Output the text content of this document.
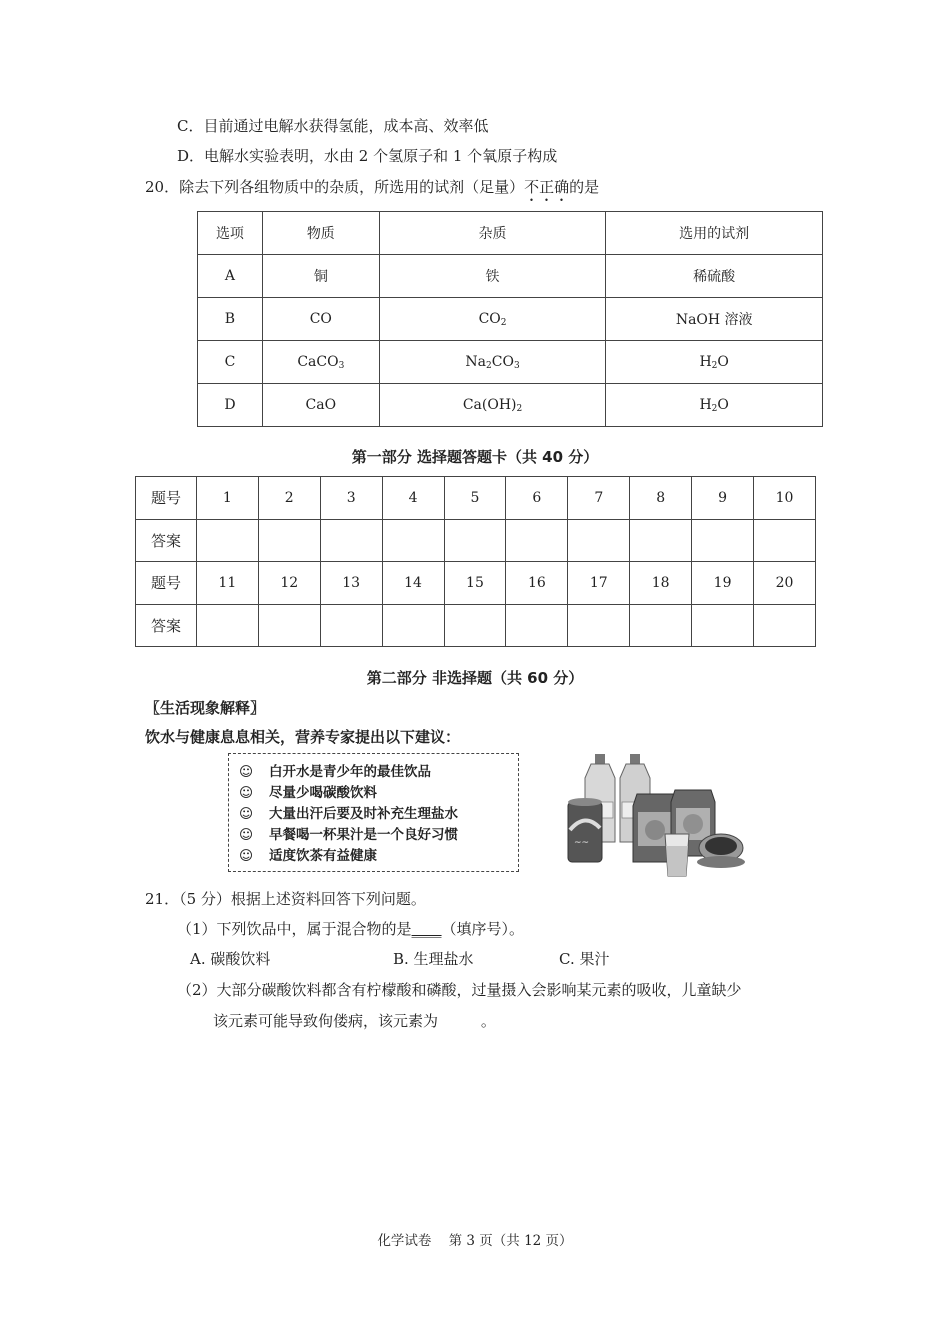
C．目前通过电解水获得氢能，成本高、效率低
D．电解水实验表明，水由 2 个氢原子和 1 个氧原子构成
20．除去下列各组物质中的杂质，所选用的试剂（足量）不正确的是
选项	物质	杂质	选用的试剂
A	铜	铁	稀硫酸
B	CO	$CO_2$	NaOH 溶液
C	CaCO$_3$	$Na_2CO_3$	$H_2O$
D	CaO	$Ca(OH)_2$	$H_2O$
第一部分 选择题答题卡（共 40 分）
题号	1	2	3	4	5	6	7	8	9	10
答案										
题号	11	12	13	14	15	16	17	18	19	20
答案										
第二部分 非选择题（共 60 分）
〖生活现象解释〗
饮水与健康息息相关，营养专家提出以下建议：
☺ 白开水是青少年的最佳饮品
☺ 尽量少喝碳酸饮料
☺ 大量出汗后要及时补充生理盐水
☺ 早餐喝一杯果汁是一个良好习惯
☺ 适度饮茶有益健康
~~
21．（5 分）根据上述资料回答下列问题。
（1）下列饮品中，属于混合物的是____（填序号）。
A. 碳酸饮料	B. 生理盐水	C. 果汁
（2）大部分碳酸饮料都含有柠檬酸和磷酸，过量摄入会影响某元素的吸收，儿童缺少
该元素可能导致佝偻病，该元素为         。
化学试卷    第 3 页（共 12 页）
